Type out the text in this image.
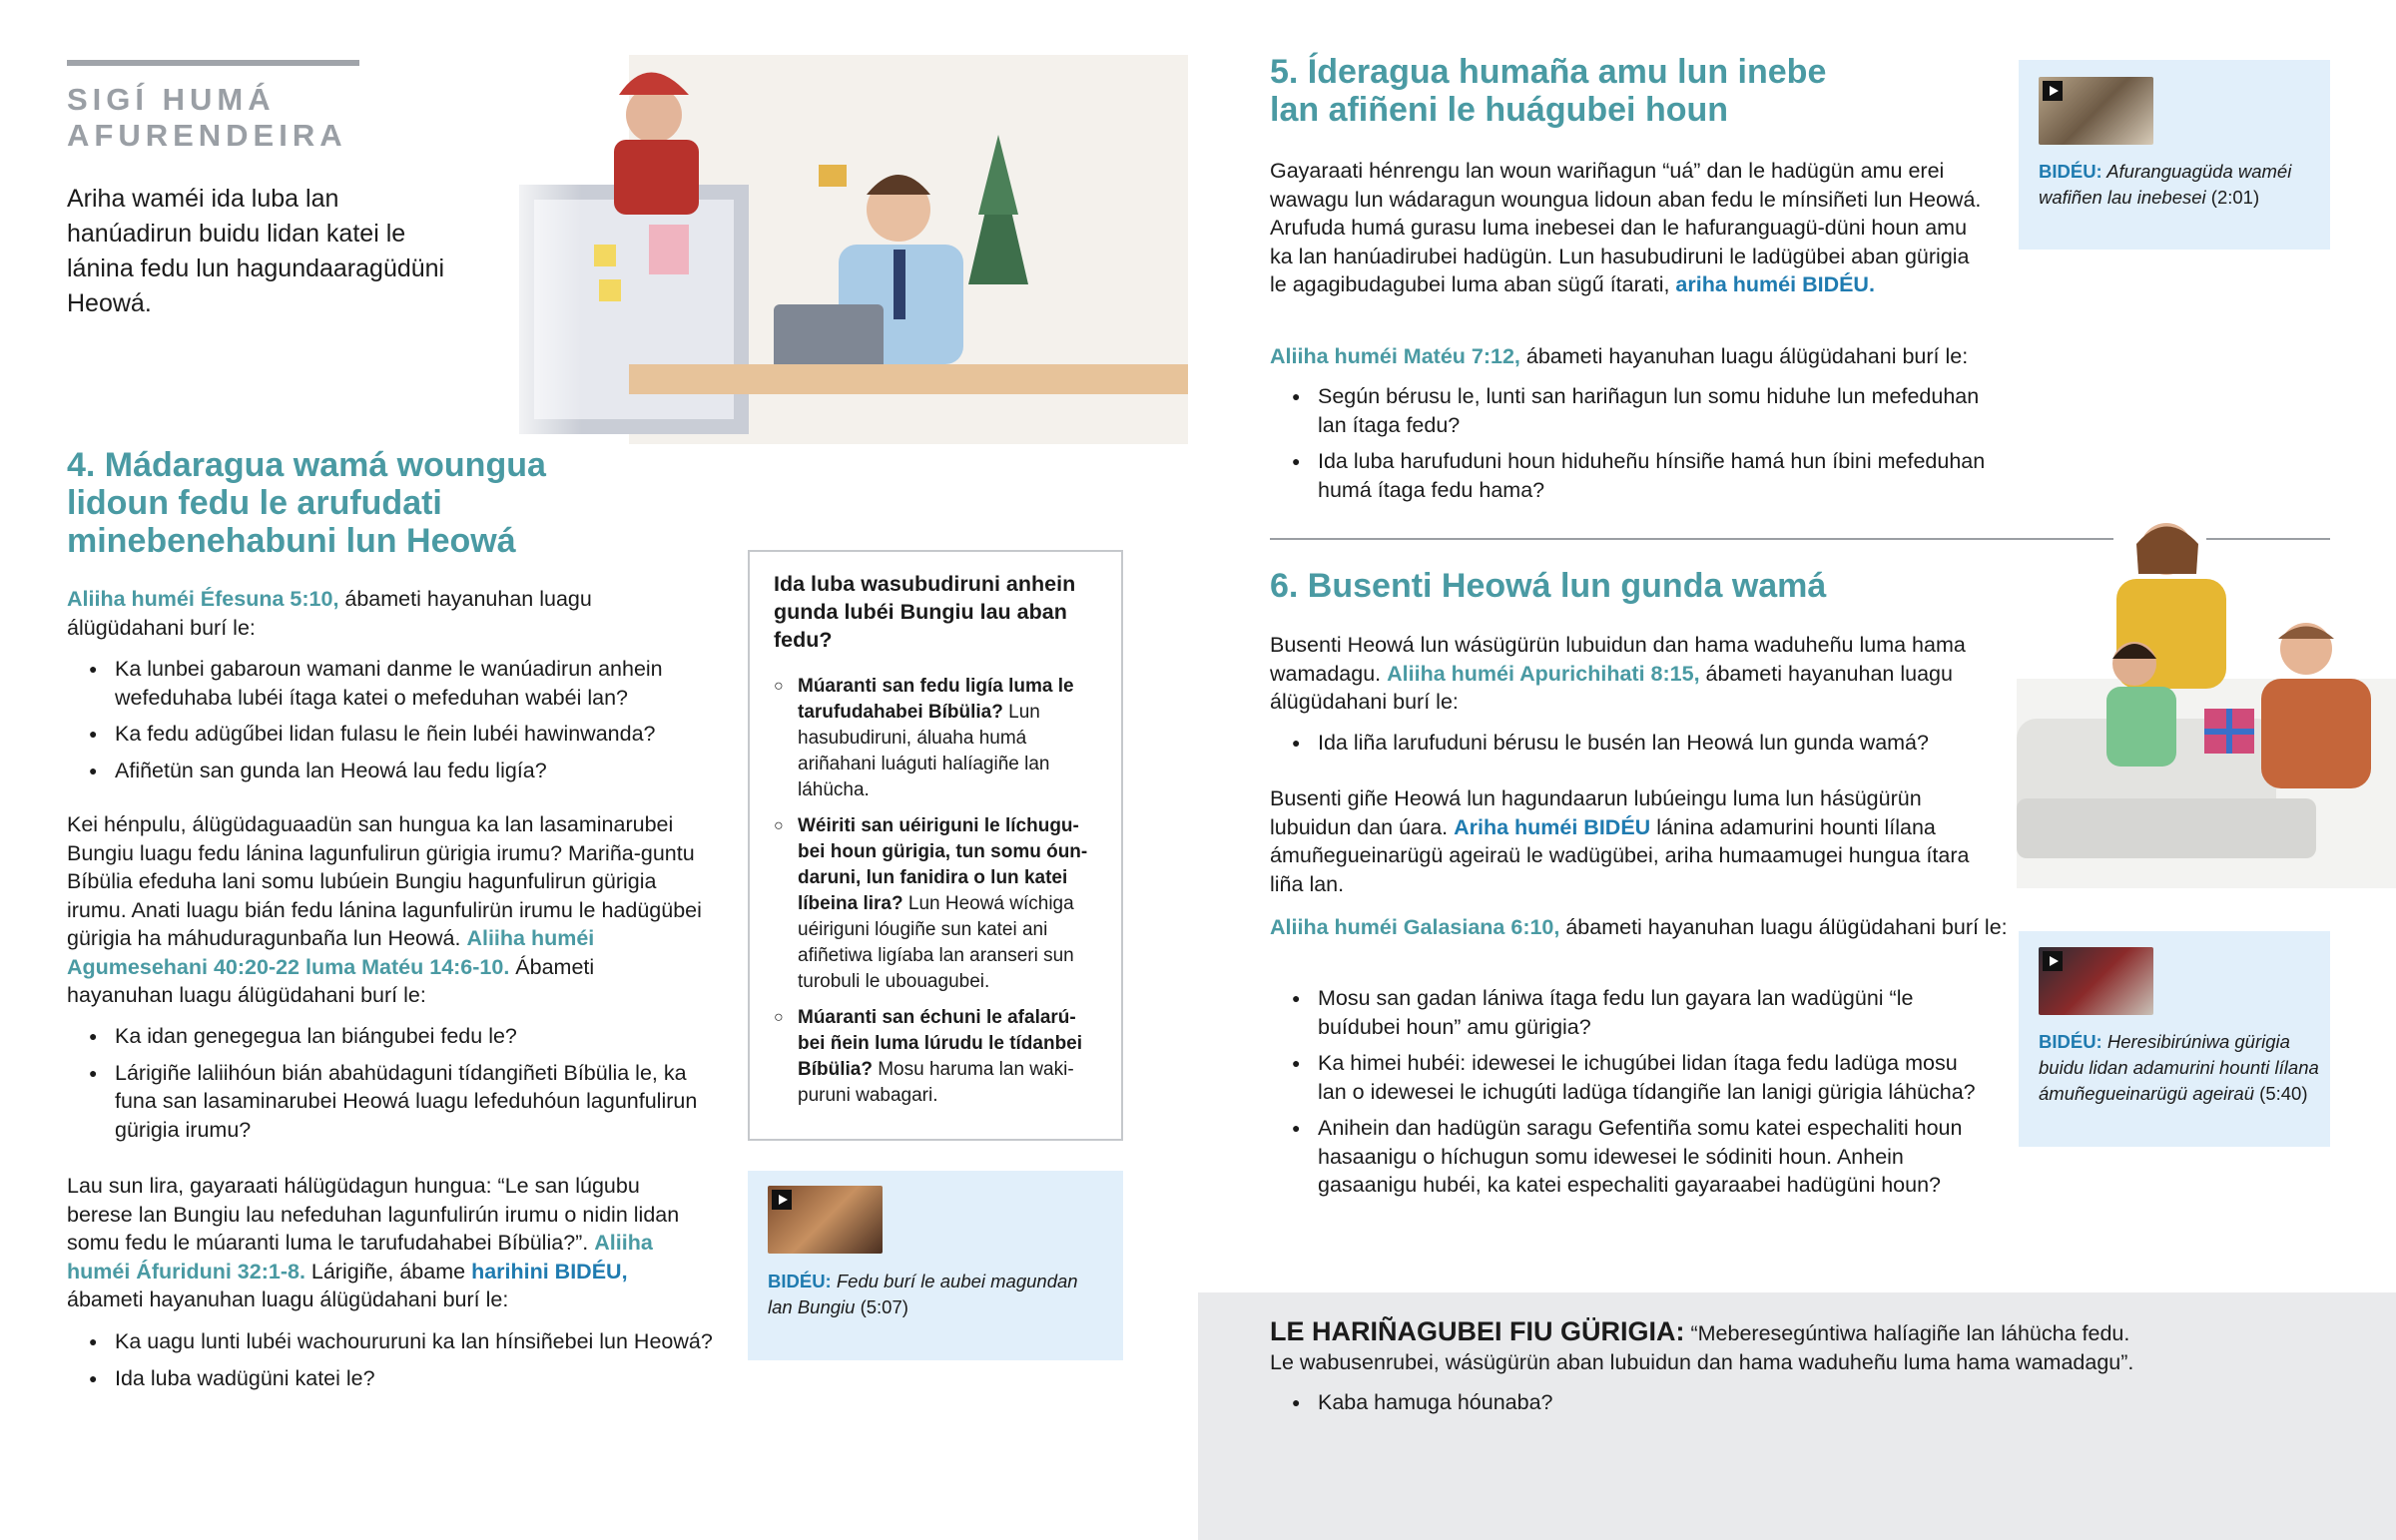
SIGÍ HUMÁ AFURENDEIRA
Ariha waméi ida luba lan hanúadirun buidu lidan katei le lánina fedu lun hagundaaragüdüni Heowá.
4. Mádaragua wamá woungua lidoun fedu le arufudati minebenehabuni lun Heowá
Aliiha huméi Éfesuna 5:10, ábameti hayanuhan luagu álügüdahani burí le:
● Ka lunbei gabaroun wamani danme le wanúadirun anhein wefeduhaba lubéi ítaga katei o mefeduhan wabéi lan?
● Ka fedu adügűbei lidan fulasu le ñein lubéi hawinwanda?
● Afiñetün san gunda lan Heowá lau fedu ligía?
Kei hénpulu, álügüdaguaadün san hungua ka lan lasaminarubei Bungiu luagu fedu lánina lagunfulirun gürigia irumu? Mariña-guntu Bíbülia efeduha lani somu lubúein Bungiu hagunfulirun gürigia irumu. Anati luagu bián fedu lánina lagunfulirün irumu le hadügübei gürigia ha máhuduragunbaña lun Heowá. Aliiha huméi Agumesehani 40:20-22 luma Matéu 14:6-10. Ábameti hayanuhan luagu álügüdahani burí le:
● Ka idan genegegua lan biángubei fedu le?
● Lárigiñe laliihóun bián abahüdaguni tídangiñeti Bíbülia le, ka funa san lasaminarubei Heowá luagu lefeduhóun lagunfulirun gürigia irumu?
Lau sun lira, gayaraati hálügüdagun hungua: “Le san lúgubu berese lan Bungiu lau nefeduhan lagunfulirún irumu o nidin lidan somu fedu le múaranti luma le tarufudahabei Bíbülia?”. Aliiha huméi Áfuriduni 32:1-8. Lárigiñe, ábame harihini BIDÉU, ábameti hayanuhan luagu álügüdahani burí le:
● Ka uagu lunti lubéi wachoururuni ka lan hínsiñebei lun Heowá?
● Ida luba wadügüni katei le?
Ida luba wasubudiruni anhein gunda lubéi Bungiu lau aban fedu?
○ Múaranti san fedu ligía luma le tarufudahabei Bíbülia? Lun hasubudiruni, áluaha humá ariñahani luáguti halíagiñe lan láhücha.
○ Wéiriti san uéiriguni le líchugu-bei houn gürigia, tun somu óun-daruni, lun fanidira o lun katei líbeina lira? Lun Heowá wíchiga uéiriguni lóugiñe sun katei ani afiñetiwa ligíaba lan aranseri sun turobuli le ubouagubei.
○ Múaranti san échuni le afalarú-bei ñein luma lúrudu le tídanbei Bíbülia? Mosu haruma lan waki-puruni wabagari.
BIDÉU: Fedu burí le aubei magundan lan Bungiu (5:07)
5. Íderagua humaña amu lun inebe lan afiñeni le huágubei houn
BIDÉU: Afuranguagüda waméi wafiñen lau inebesei (2:01)
Gayaraati hénrengu lan woun wariñagun “uá” dan le hadügün amu erei wawagu lun wádaragun woungua lidoun aban fedu le mínsiñeti lun Heowá. Arufuda humá gurasu luma inebesei dan le hafuranguagü-düni houn amu ka lan hanúadirubei hadügün. Lun hasubudiruni le ladügübei aban gürigia le agagibudagubei luma aban sügű ítarati, ariha huméi BIDÉU.
Aliiha huméi Matéu 7:12, ábameti hayanuhan luagu álügüdahani burí le:
● Según bérusu le, lunti san hariñagun lun somu hiduhe lun mefeduhan lan ítaga fedu?
● Ida luba harufuduni houn hiduheñu hínsiñe hamá hun íbini mefeduhan humá ítaga fedu hama?
6. Busenti Heowá lun gunda wamá
Busenti Heowá lun wásügürün lubuidun dan hama waduheñu luma hama wamadagu. Aliiha huméi Apurichihati 8:15, ábameti hayanuhan luagu álügüdahani burí le:
● Ida liña larufuduni bérusu le busén lan Heowá lun gunda wamá?
Busenti giñe Heowá lun hagundaarun lubúeingu luma lun hásügürün lubuidun dan úara. Ariha huméi BIDÉU lánina adamurini hounti lílana ámuñegueinarügü ageiraü le wadügübei, ariha humaamugei hungua ítara liña lan.
Aliiha huméi Galasiana 6:10, ábameti hayanuhan luagu álügüdahani burí le:
● Mosu san gadan lániwa ítaga fedu lun gayara lan wadügüni “le buídubei houn” amu gürigia?
● Ka himei hubéi: idewesei le ichugúbei lidan ítaga fedu ladüga mosu lan o idewesei le ichugúti ladüga tídangiñe lan lanigi gürigia láhücha?
● Anihein dan hadügün saragu Gefentiña somu katei espechaliti houn hasaanigu o híchugun somu idewesei le sódiniti houn. Anhein gasaanigu hubéi, ka katei espechaliti gayaraabei hadügüni houn?
BIDÉU: Heresibirúniwa gürigia buidu lidan adamurini hounti lílana ámuñegueinarügü ageiraü (5:40)
LE HARIÑAGUBEI FIU GÜRIGIA: “Meberesegúntiwa halíagiñe lan láhücha fedu.
Le wabusenrubei, wásügürün aban lubuidun dan hama waduheñu luma hama wamadagu”.
● Kaba hamuga hóunaba?
